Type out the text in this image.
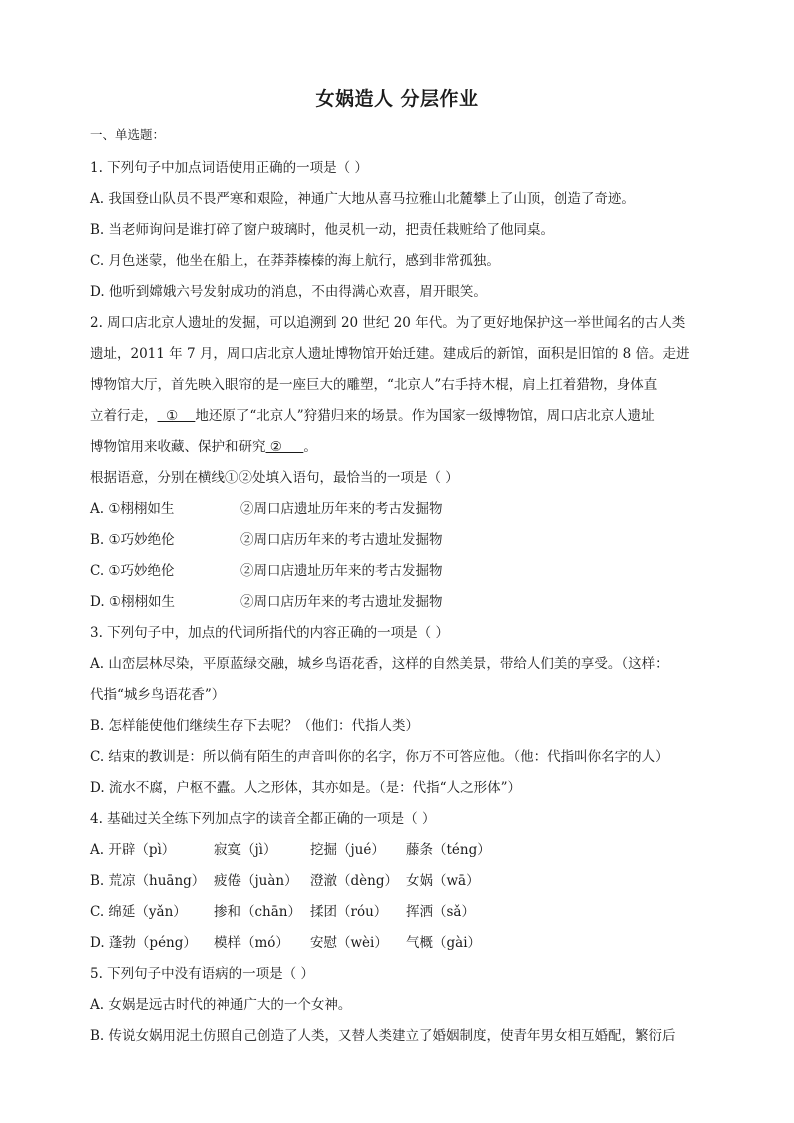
女娲造人 分层作业
一、单选题：
1. 下列句子中加点词语使用正确的一项是（ ）
A. 我国登山队员不畏严寒和艰险，神通广大地从喜马拉雅山北麓攀上了山顶，创造了奇迹。
B. 当老师询问是谁打碎了窗户玻璃时，他灵机一动，把责任栽赃给了他同桌。
C. 月色迷蒙，他坐在船上，在莽莽榛榛的海上航行，感到非常孤独。
D. 他听到嫦娥六号发射成功的消息，不由得满心欢喜，眉开眼笑。
2. 周口店北京人遗址的发掘，可以追溯到 20 世纪 20 年代。为了更好地保护这一举世闻名的古人类
遗址，2011 年 7 月，周口店北京人遗址博物馆开始迁建。建成后的新馆，面积是旧馆的 8 倍。走进
博物馆大厅，首先映入眼帘的是一座巨大的雕塑，“北京人”右手持木棍，肩上扛着猎物，身体直
立着行走，  ①    地还原了“北京人”狩猎归来的场景。作为国家一级博物馆，周口店北京人遗址
博物馆用来收藏、保护和研究 ②     。
根据语意，分别在横线①②处填入语句，最恰当的一项是（ ）
A. ①栩栩如生	②周口店遗址历年来的考古发掘物
B. ①巧妙绝伦	②周口店历年来的考古遗址发掘物
C. ①巧妙绝伦	②周口店遗址历年来的考古发掘物
D. ①栩栩如生	②周口店历年来的考古遗址发掘物
3. 下列句子中，加点的代词所指代的内容正确的一项是（ ）
A. 山峦层林尽染，平原蓝绿交融，城乡鸟语花香，这样的自然美景，带给人们美的享受。（这样：
代指“城乡鸟语花香”）
B. 怎样能使他们继续生存下去呢？（他们：代指人类）
C. 结束的教训是：所以倘有陌生的声音叫你的名字，你万不可答应他。（他：代指叫你名字的人）
D. 流水不腐，户枢不蠹。人之形体，其亦如是。（是：代指“人之形体”）
4. 基础过关全练下列加点字的读音全都正确的一项是（ ）
A. 开辟（pì）	寂寞（jì） 挖掘（jué） 藤条（téng）
B. 荒凉（huāng） 疲倦（juàn） 澄澈（dèng） 女娲（wā）
C. 绵延（yǎn） 掺和（chān） 揉团（róu） 挥洒（sǎ）
D. 蓬勃（péng） 模样（mó） 安慰（wèi） 气概（gài）
5. 下列句子中没有语病的一项是（ ）
A. 女娲是远古时代的神通广大的一个女神。
B. 传说女娲用泥土仿照自己创造了人类，又替人类建立了婚姻制度，使青年男女相互婚配，繁衍后
